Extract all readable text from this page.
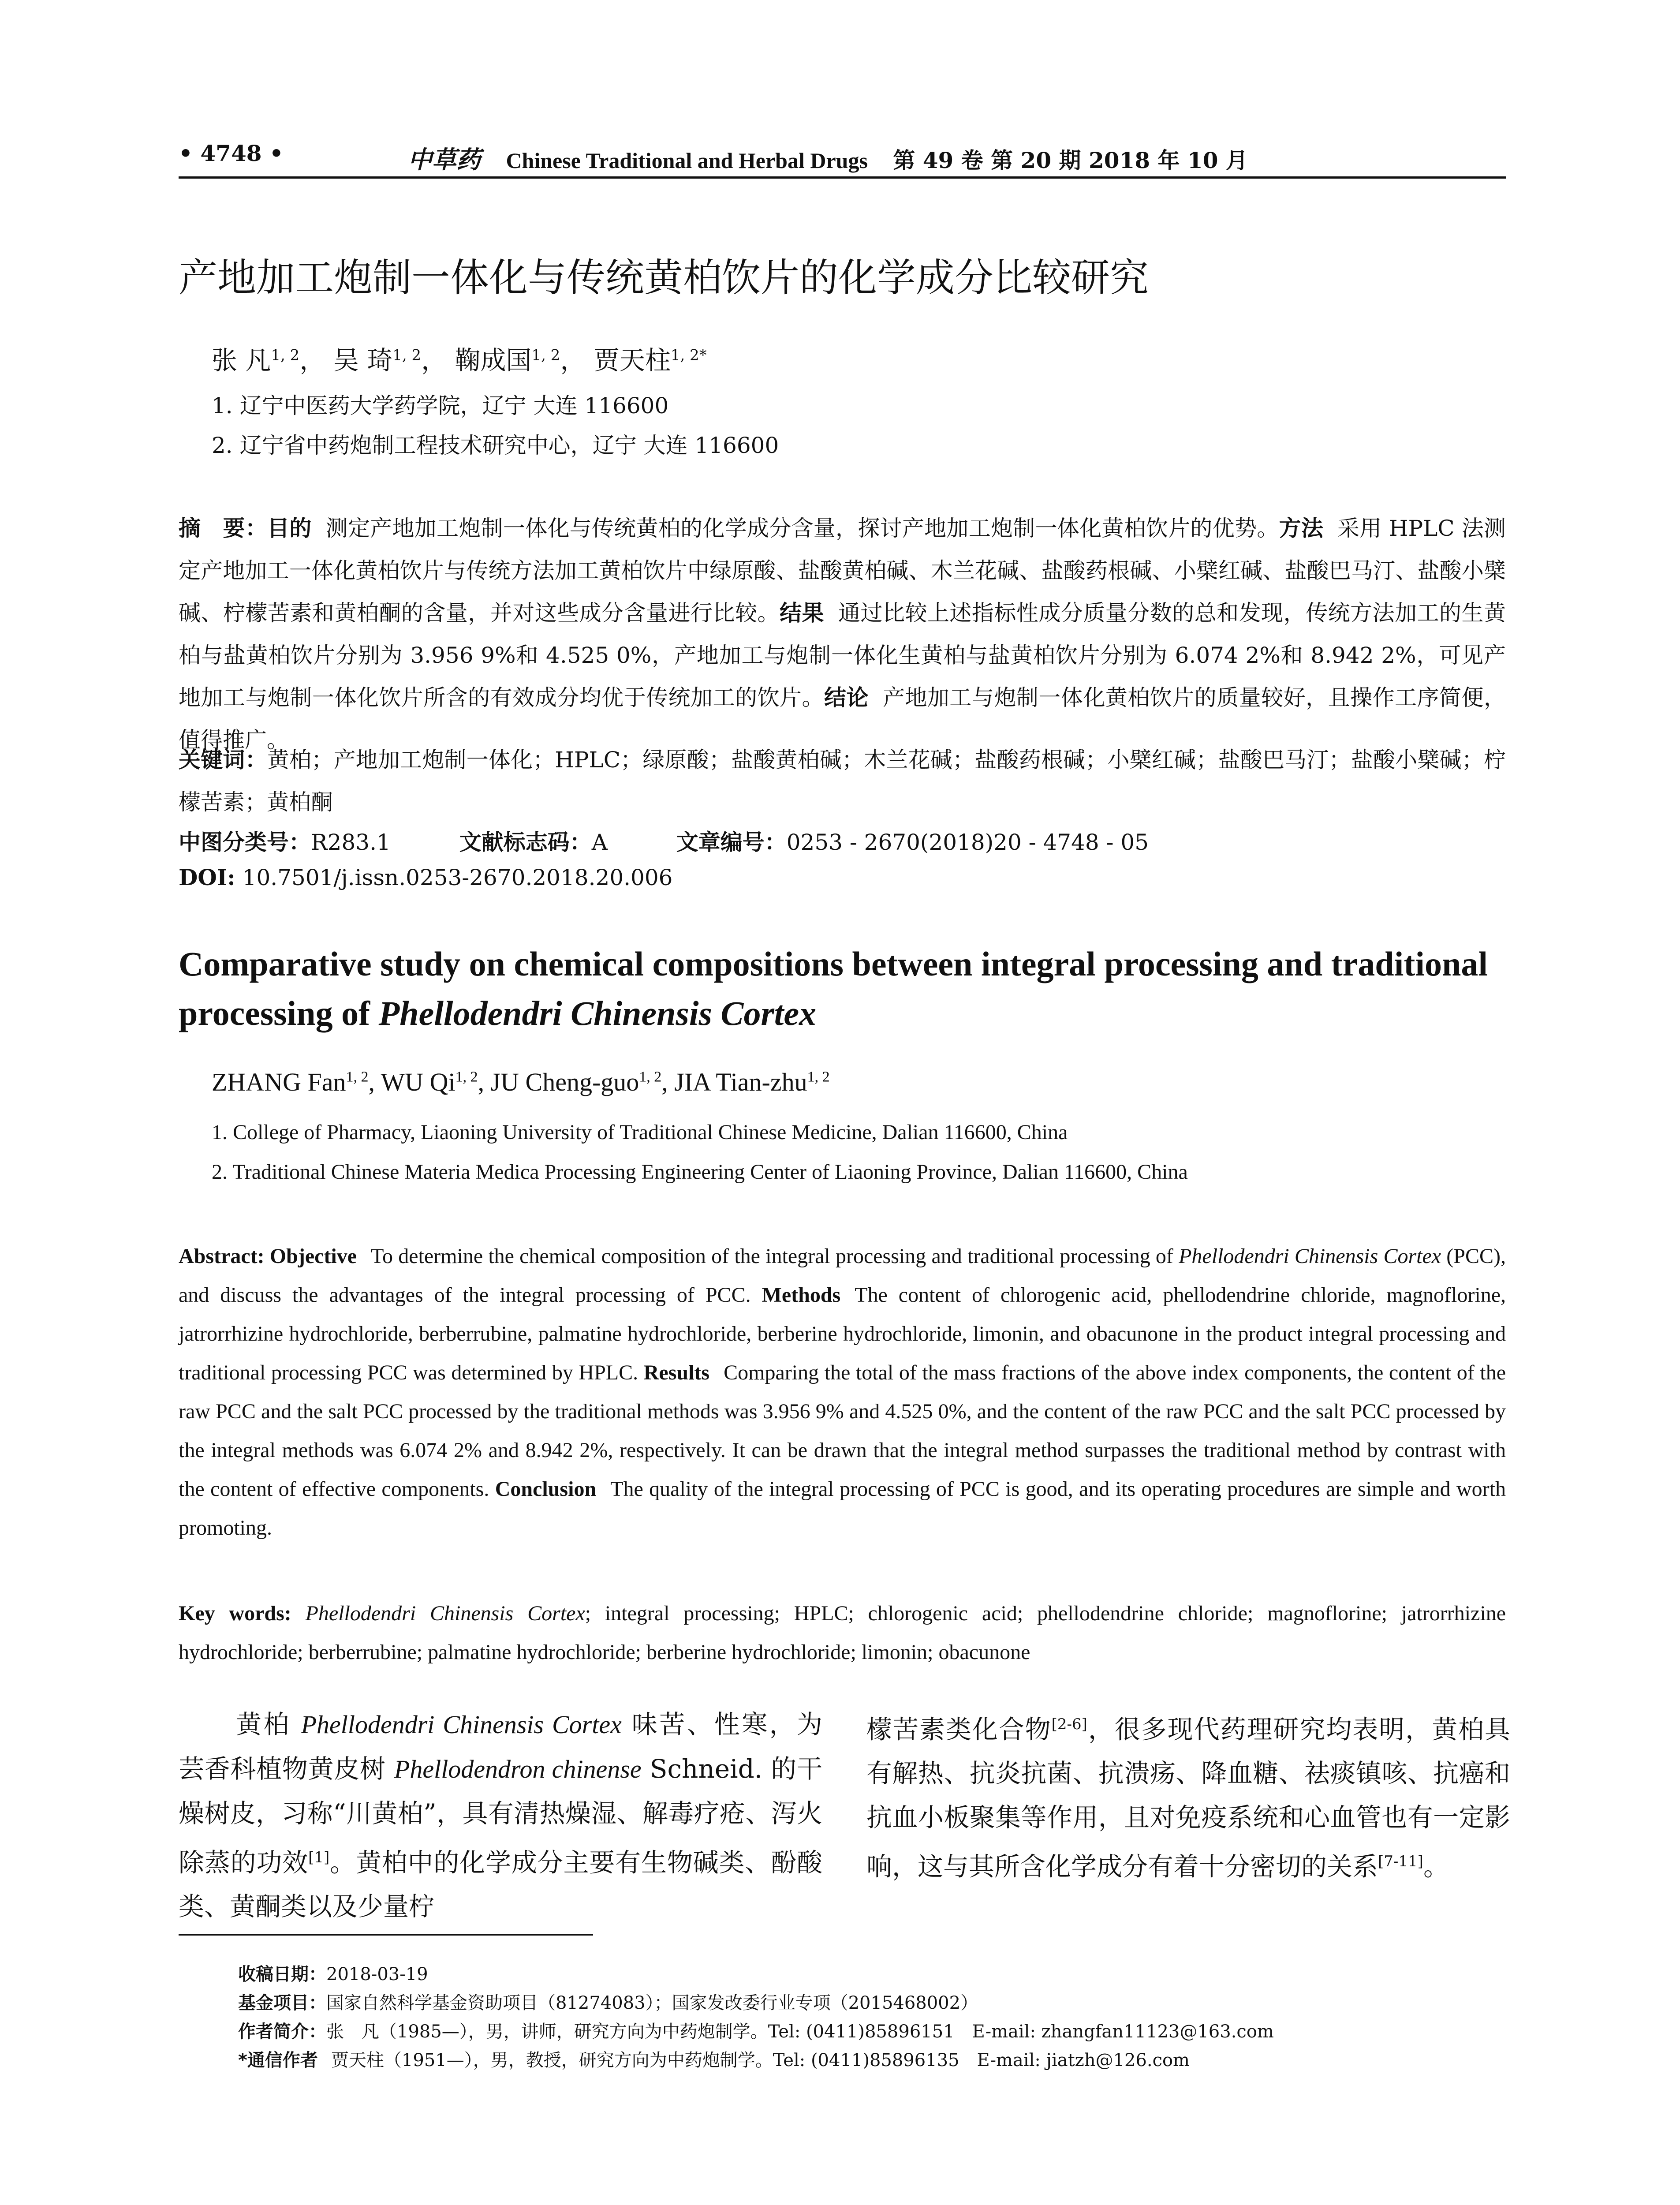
• 4748 •	中草药 Chinese Traditional and Herbal Drugs 第 49 卷 第 20 期 2018 年 10 月
产地加工炮制一体化与传统黄柏饮片的化学成分比较研究
张 凡$^{1, 2}$， 吴 琦$^{1, 2}$， 鞠成国$^{1, 2}$， 贾天柱$^{1, 2*}$
1. 辽宁中医药大学药学院，辽宁 大连 116600
2. 辽宁省中药炮制工程技术研究中心，辽宁 大连 116600
摘　要：目的 测定产地加工炮制一体化与传统黄柏的化学成分含量，探讨产地加工炮制一体化黄柏饮片的优势。方法 采用 HPLC 法测定产地加工一体化黄柏饮片与传统方法加工黄柏饮片中绿原酸、盐酸黄柏碱、木兰花碱、盐酸药根碱、小檗红碱、盐酸巴马汀、盐酸小檗碱、柠檬苦素和黄柏酮的含量，并对这些成分含量进行比较。结果 通过比较上述指标性成分质量分数的总和发现，传统方法加工的生黄柏与盐黄柏饮片分别为 3.956 9%和 4.525 0%，产地加工与炮制一体化生黄柏与盐黄柏饮片分别为 6.074 2%和 8.942 2%，可见产地加工与炮制一体化饮片所含的有效成分均优于传统加工的饮片。结论 产地加工与炮制一体化黄柏饮片的质量较好，且操作工序简便，值得推广。
关键词：黄柏；产地加工炮制一体化；HPLC；绿原酸；盐酸黄柏碱；木兰花碱；盐酸药根碱；小檗红碱；盐酸巴马汀；盐酸小檗碱；柠檬苦素；黄柏酮
中图分类号：R283.1	文献标志码：A	文章编号：0253 - 2670(2018)20 - 4748 - 05
DOI: 10.7501/j.issn.0253-2670.2018.20.006
Comparative study on chemical compositions between integral processing and traditional processing of Phellodendri Chinensis Cortex
ZHANG Fan$^{1, 2}$, WU Qi$^{1, 2}$, JU Cheng-guo$^{1, 2}$, JIA Tian-zhu$^{1, 2}$
1. College of Pharmacy, Liaoning University of Traditional Chinese Medicine, Dalian 116600, China
2. Traditional Chinese Materia Medica Processing Engineering Center of Liaoning Province, Dalian 116600, China
Abstract: Objective To determine the chemical composition of the integral processing and traditional processing of Phellodendri Chinensis Cortex (PCC), and discuss the advantages of the integral processing of PCC. Methods The content of chlorogenic acid, phellodendrine chloride, magnoflorine, jatrorrhizine hydrochloride, berberrubine, palmatine hydrochloride, berberine hydrochloride, limonin, and obacunone in the product integral processing and traditional processing PCC was determined by HPLC. Results Comparing the total of the mass fractions of the above index components, the content of the raw PCC and the salt PCC processed by the traditional methods was 3.956 9% and 4.525 0%, and the content of the raw PCC and the salt PCC processed by the integral methods was 6.074 2% and 8.942 2%, respectively. It can be drawn that the integral method surpasses the traditional method by contrast with the content of effective components. Conclusion The quality of the integral processing of PCC is good, and its operating procedures are simple and worth promoting.
Key words: Phellodendri Chinensis Cortex; integral processing; HPLC; chlorogenic acid; phellodendrine chloride; magnoflorine; jatrorrhizine hydrochloride; berberrubine; palmatine hydrochloride; berberine hydrochloride; limonin; obacunone
黄柏 Phellodendri Chinensis Cortex 味苦、性寒，为芸香科植物黄皮树 Phellodendron chinense Schneid. 的干燥树皮，习称“川黄柏”，具有清热燥湿、解毒疗疮、泻火除蒸的功效[1]。黄柏中的化学成分主要有生物碱类、酚酸类、黄酮类以及少量柠
檬苦素类化合物[2-6]，很多现代药理研究均表明，黄柏具有解热、抗炎抗菌、抗溃疡、降血糖、祛痰镇咳、抗癌和抗血小板聚集等作用，且对免疫系统和心血管也有一定影响，这与其所含化学成分有着十分密切的关系[7-11]。
收稿日期：2018-03-19
基金项目：国家自然科学基金资助项目（81274083）；国家发改委行业专项（2015468002）
作者简介：张　凡（1985—），男，讲师，研究方向为中药炮制学。Tel: (0411)85896151　E-mail: zhangfan11123@163.com
*通信作者 贾天柱（1951—），男，教授，研究方向为中药炮制学。Tel: (0411)85896135　E-mail: jiatzh@126.com
